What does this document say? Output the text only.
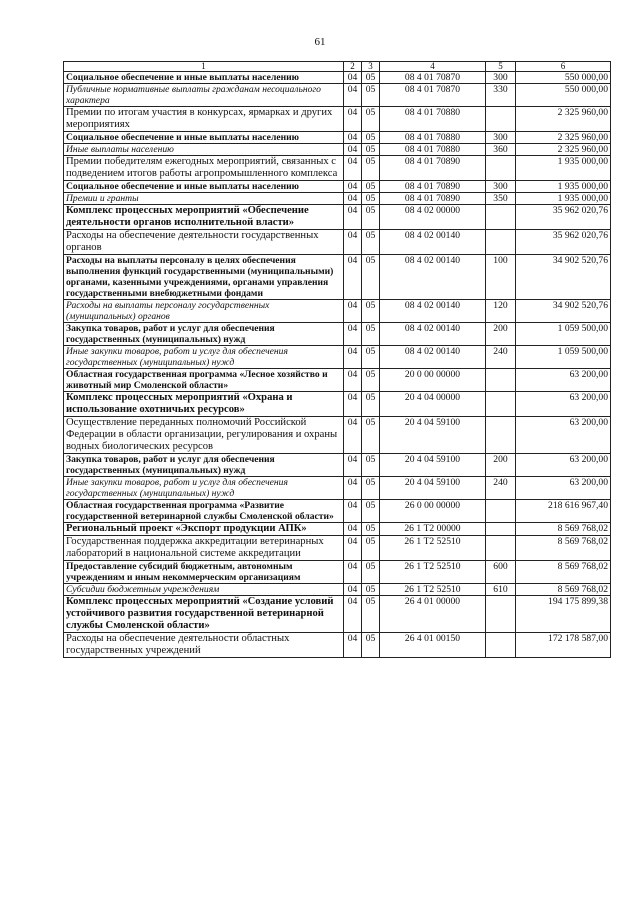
61
1	2	3	4	5	6
Социальное обеспечение и иные выплаты населению	04	05	08 4 01 70870	300	550 000,00
Публичные нормативные выплаты гражданам несоциального характера	04	05	08 4 01 70870	330	550 000,00
Премии по итогам участия в конкурсах, ярмарках и других мероприятиях	04	05	08 4 01 70880		2 325 960,00
Социальное обеспечение и иные выплаты населению	04	05	08 4 01 70880	300	2 325 960,00
Иные выплаты населению	04	05	08 4 01 70880	360	2 325 960,00
Премии победителям ежегодных мероприятий, связанных с подведением итогов работы агропромышленного комплекса	04	05	08 4 01 70890		1 935 000,00
Социальное обеспечение и иные выплаты населению	04	05	08 4 01 70890	300	1 935 000,00
Премии и гранты	04	05	08 4 01 70890	350	1 935 000,00
Комплекс процессных мероприятий «Обеспечение деятельности органов исполнительной власти»	04	05	08 4 02 00000		35 962 020,76
Расходы на обеспечение деятельности государственных органов	04	05	08 4 02 00140		35 962 020,76
Расходы на выплаты персоналу в целях обеспечения выполнения функций государственными (муниципальными) органами, казенными учреждениями, органами управления государственными внебюджетными фондами	04	05	08 4 02 00140	100	34 902 520,76
Расходы на выплаты персоналу государственных (муниципальных) органов	04	05	08 4 02 00140	120	34 902 520,76
Закупка товаров, работ и услуг для обеспечения государственных (муниципальных) нужд	04	05	08 4 02 00140	200	1 059 500,00
Иные закупки товаров, работ и услуг для обеспечения государственных (муниципальных) нужд	04	05	08 4 02 00140	240	1 059 500,00
Областная государственная программа «Лесное хозяйство и животный мир Смоленской области»	04	05	20 0 00 00000		63 200,00
Комплекс процессных мероприятий «Охрана и использование охотничьих ресурсов»	04	05	20 4 04 00000		63 200,00
Осуществление переданных полномочий Российской Федерации в области организации, регулирования и охраны водных биологических ресурсов	04	05	20 4 04 59100		63 200,00
Закупка товаров, работ и услуг для обеспечения государственных (муниципальных) нужд	04	05	20 4 04 59100	200	63 200,00
Иные закупки товаров, работ и услуг для обеспечения государственных (муниципальных) нужд	04	05	20 4 04 59100	240	63 200,00
Областная государственная программа «Развитие государственной ветеринарной службы Смоленской области»	04	05	26 0 00 00000		218 616 967,40
Региональный проект «Экспорт продукции АПК»	04	05	26 1 Т2 00000		8 569 768,02
Государственная поддержка аккредитации ветеринарных лабораторий в национальной системе аккредитации	04	05	26 1 Т2 52510		8 569 768,02
Предоставление субсидий бюджетным, автономным учреждениям и иным некоммерческим организациям	04	05	26 1 Т2 52510	600	8 569 768,02
Субсидии бюджетным учреждениям	04	05	26 1 Т2 52510	610	8 569 768,02
Комплекс процессных мероприятий «Создание условий устойчивого развития государственной ветеринарной службы Смоленской области»	04	05	26 4 01 00000		194 175 899,38
Расходы на обеспечение деятельности областных государственных учреждений	04	05	26 4 01 00150		172 178 587,00
